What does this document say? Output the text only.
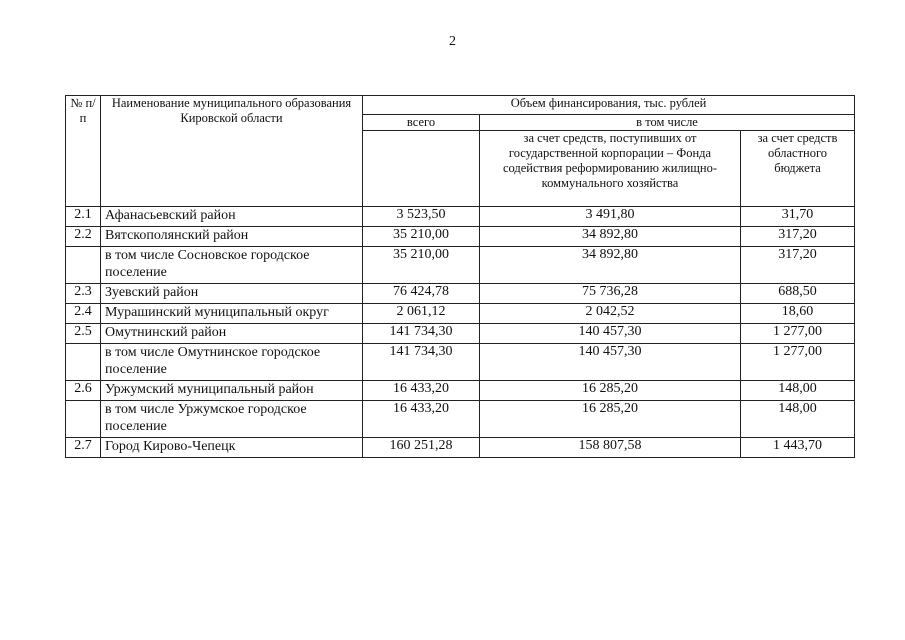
2
№ п/п	Наименование муниципального образования Кировской области	Объем финансирования, тыс. рублей		
		всего	в том числе	
			за счет средств, поступивших от государственной корпорации – Фонда содействия реформированию жилищно-коммунального хозяйства	за счет средств областного бюджета
2.1	Афанасьевский район	3 523,50	3 491,80	31,70
2.2	Вятскополянский район	35 210,00	34 892,80	317,20
	в том числе Сосновское городское поселение	35 210,00	34 892,80	317,20
2.3	Зуевский район	76 424,78	75 736,28	688,50
2.4	Мурашинский муниципальный округ	2 061,12	2 042,52	18,60
2.5	Омутнинский район	141 734,30	140 457,30	1 277,00
	в том числе Омутнинское городское поселение	141 734,30	140 457,30	1 277,00
2.6	Уржумский муниципальный район	16 433,20	16 285,20	148,00
	в том числе Уржумское городское поселение	16 433,20	16 285,20	148,00
2.7	Город Кирово-Чепецк	160 251,28	158 807,58	1 443,70
